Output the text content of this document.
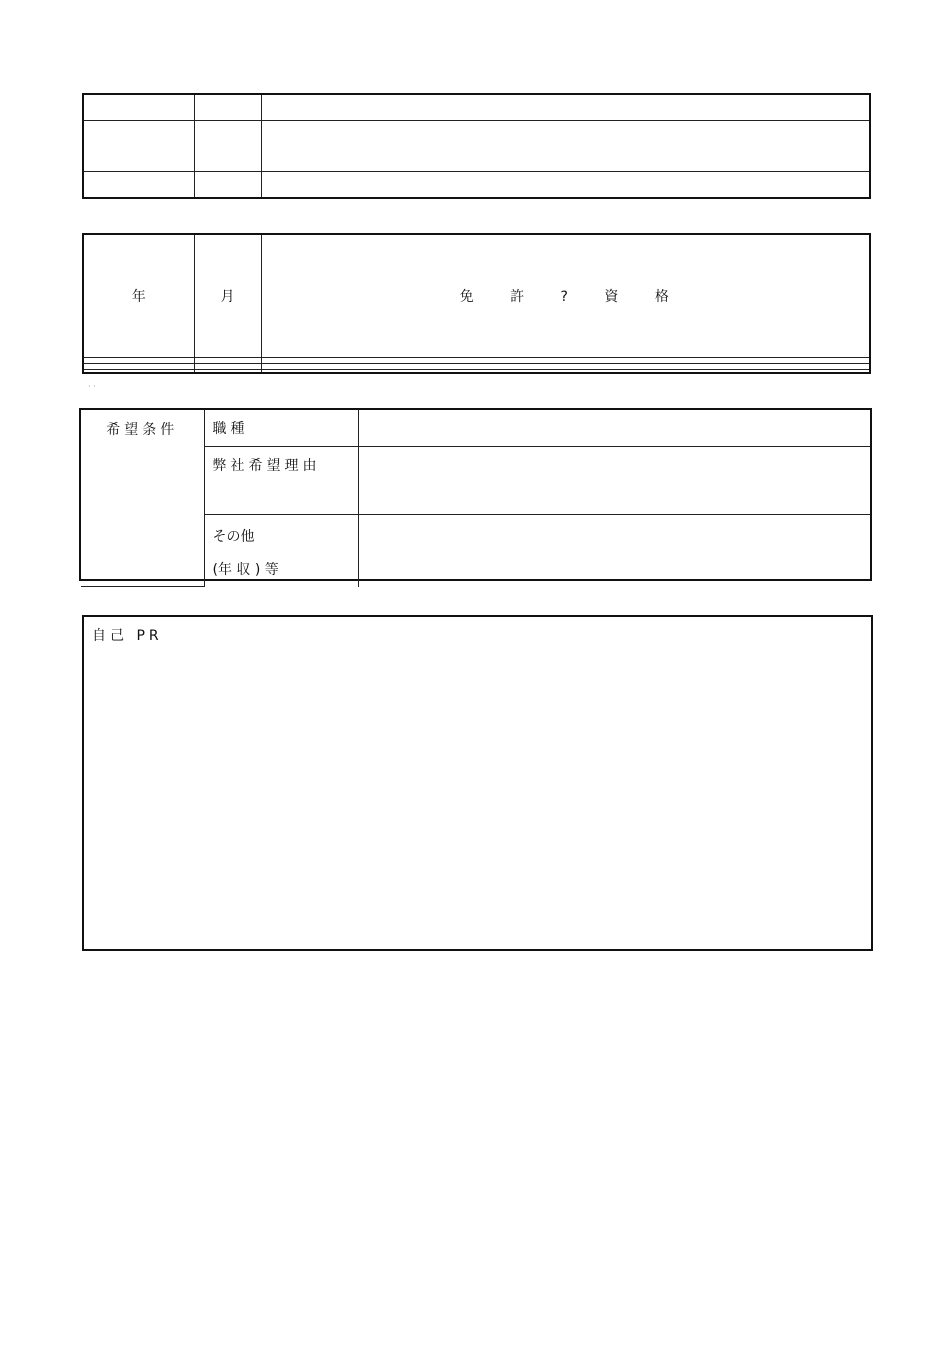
年	月	免 許 ? 資 格

· ·
希望条件	職種	
	弊社希望理由	

	その他
(年 収 ) 等	

自己 PR
